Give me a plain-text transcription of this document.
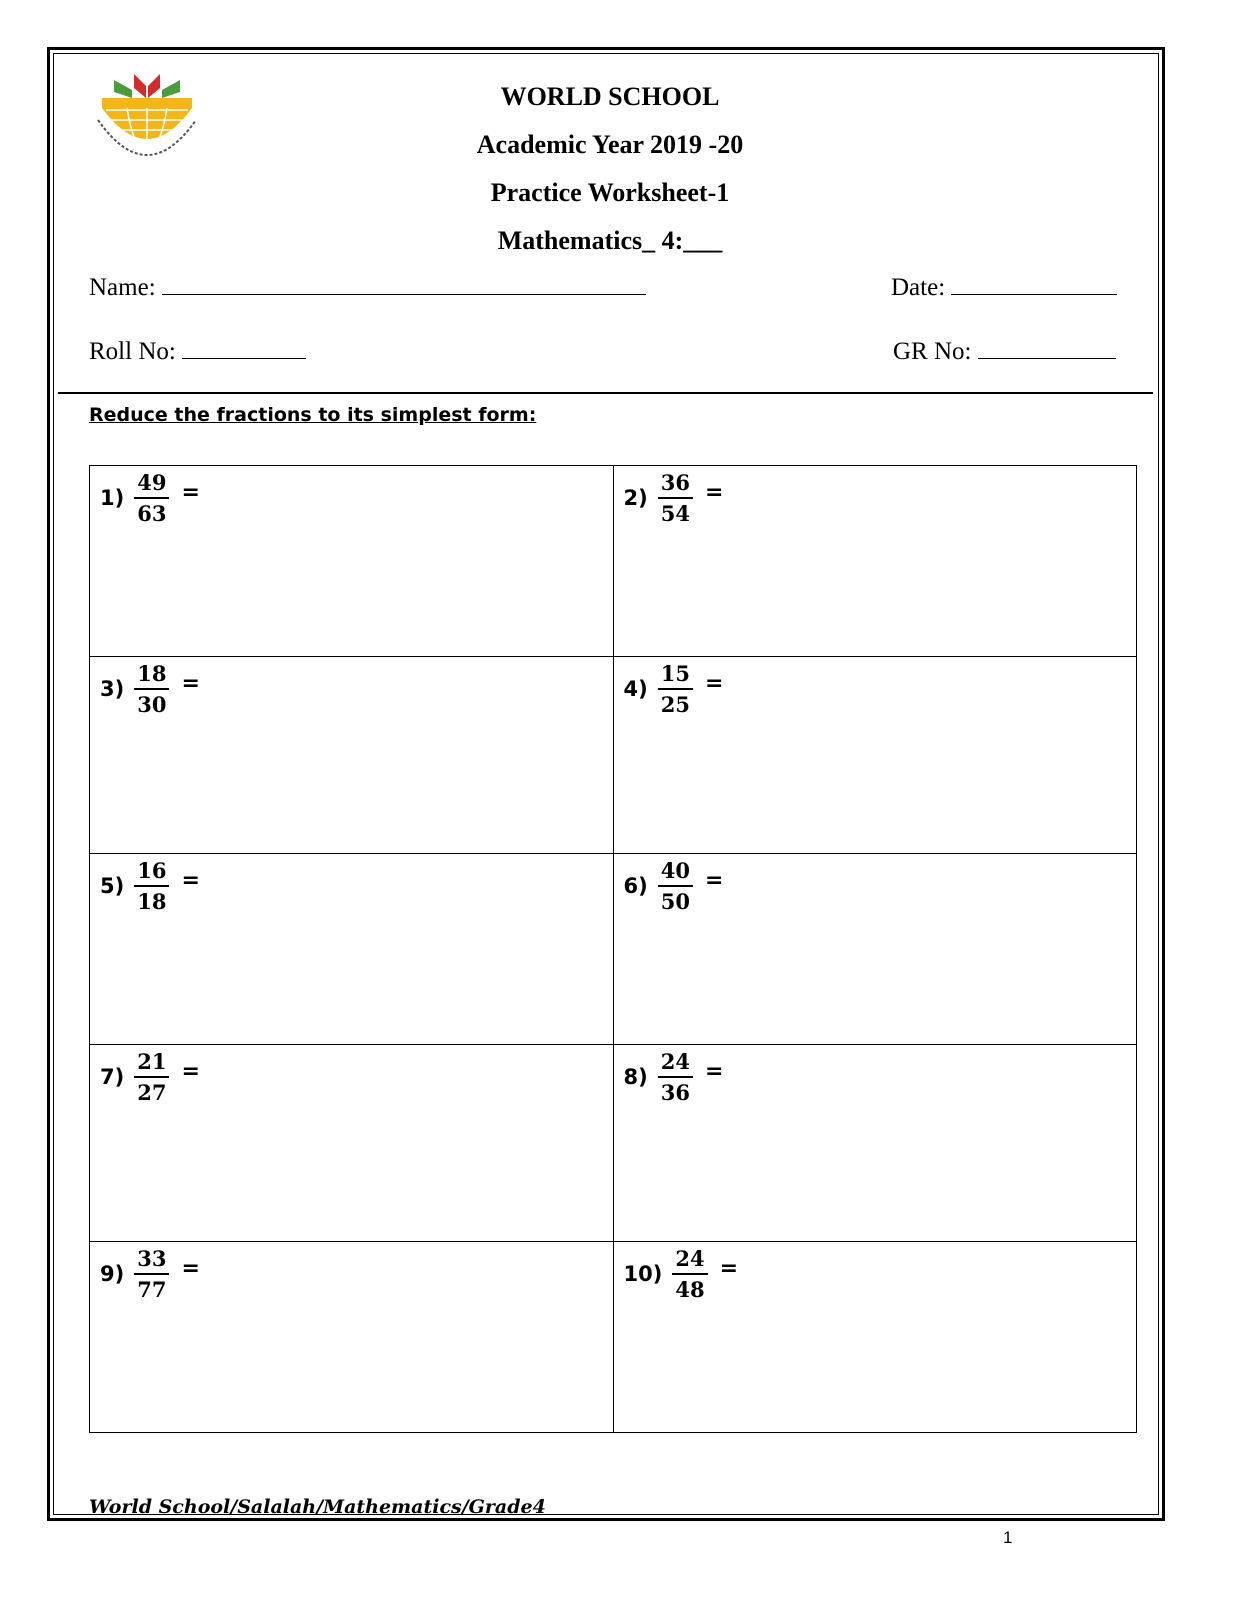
WORLD SCHOOL
Academic Year 2019 -20
Practice Worksheet-1
Mathematics_ 4:___
Name:	Date:
Roll No:	GR No:
Reduce the fractions to its simplest form:
$1) \frac{49}{63}$ =	$2) \frac{36}{54}$ =

$3) \frac{18}{30}$ =	$4) \frac{15}{25}$ =

$5) \frac{16}{18}$ =	$6) \frac{40}{50}$ =

$7) \frac{21}{27}$ =	$8) \frac{24}{36}$ =

$9) \frac{33}{77}$ =	$10) \frac{24}{48}$ =
World School/Salalah/Mathematics/Grade4
1
